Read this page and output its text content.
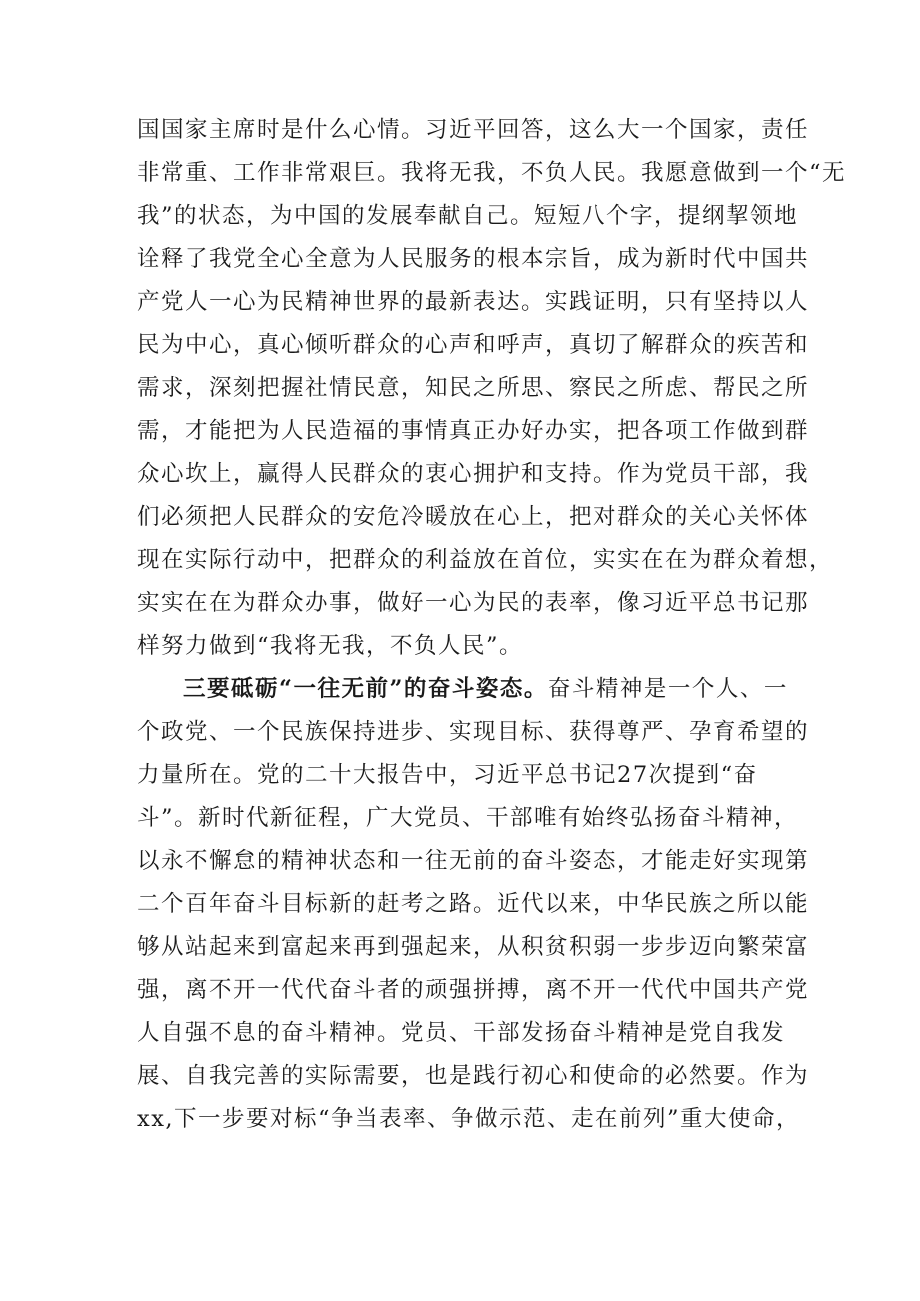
国国家主席时是什么心情。习近平回答，这么大一个国家，责任
非常重、工作非常艰巨。我将无我，不负人民。我愿意做到一个“无
我”的状态，为中国的发展奉献自己。短短八个字，提纲挈领地
诠释了我党全心全意为人民服务的根本宗旨，成为新时代中国共
产党人一心为民精神世界的最新表达。实践证明，只有坚持以人
民为中心，真心倾听群众的心声和呼声，真切了解群众的疾苦和
需求，深刻把握社情民意，知民之所思、察民之所虑、帮民之所
需，才能把为人民造福的事情真正办好办实，把各项工作做到群
众心坎上，赢得人民群众的衷心拥护和支持。作为党员干部，我
们必须把人民群众的安危冷暖放在心上，把对群众的关心关怀体
现在实际行动中，把群众的利益放在首位，实实在在为群众着想，
实实在在为群众办事，做好一心为民的表率，像习近平总书记那
样努力做到“我将无我，不负人民”。
三要砥砺“一往无前”的奋斗姿态。奋斗精神是一个人、一
个政党、一个民族保持进步、实现目标、获得尊严、孕育希望的
力量所在。党的二十大报告中，习近平总书记27次提到“奋
斗”。新时代新征程，广大党员、干部唯有始终弘扬奋斗精神，
以永不懈怠的精神状态和一往无前的奋斗姿态，才能走好实现第
二个百年奋斗目标新的赶考之路。近代以来，中华民族之所以能
够从站起来到富起来再到强起来，从积贫积弱一步步迈向繁荣富
强，离不开一代代奋斗者的顽强拼搏，离不开一代代中国共产党
人自强不息的奋斗精神。党员、干部发扬奋斗精神是党自我发
展、自我完善的实际需要，也是践行初心和使命的必然要。作为
xx,下一步要对标“争当表率、争做示范、走在前列”重大使命，
